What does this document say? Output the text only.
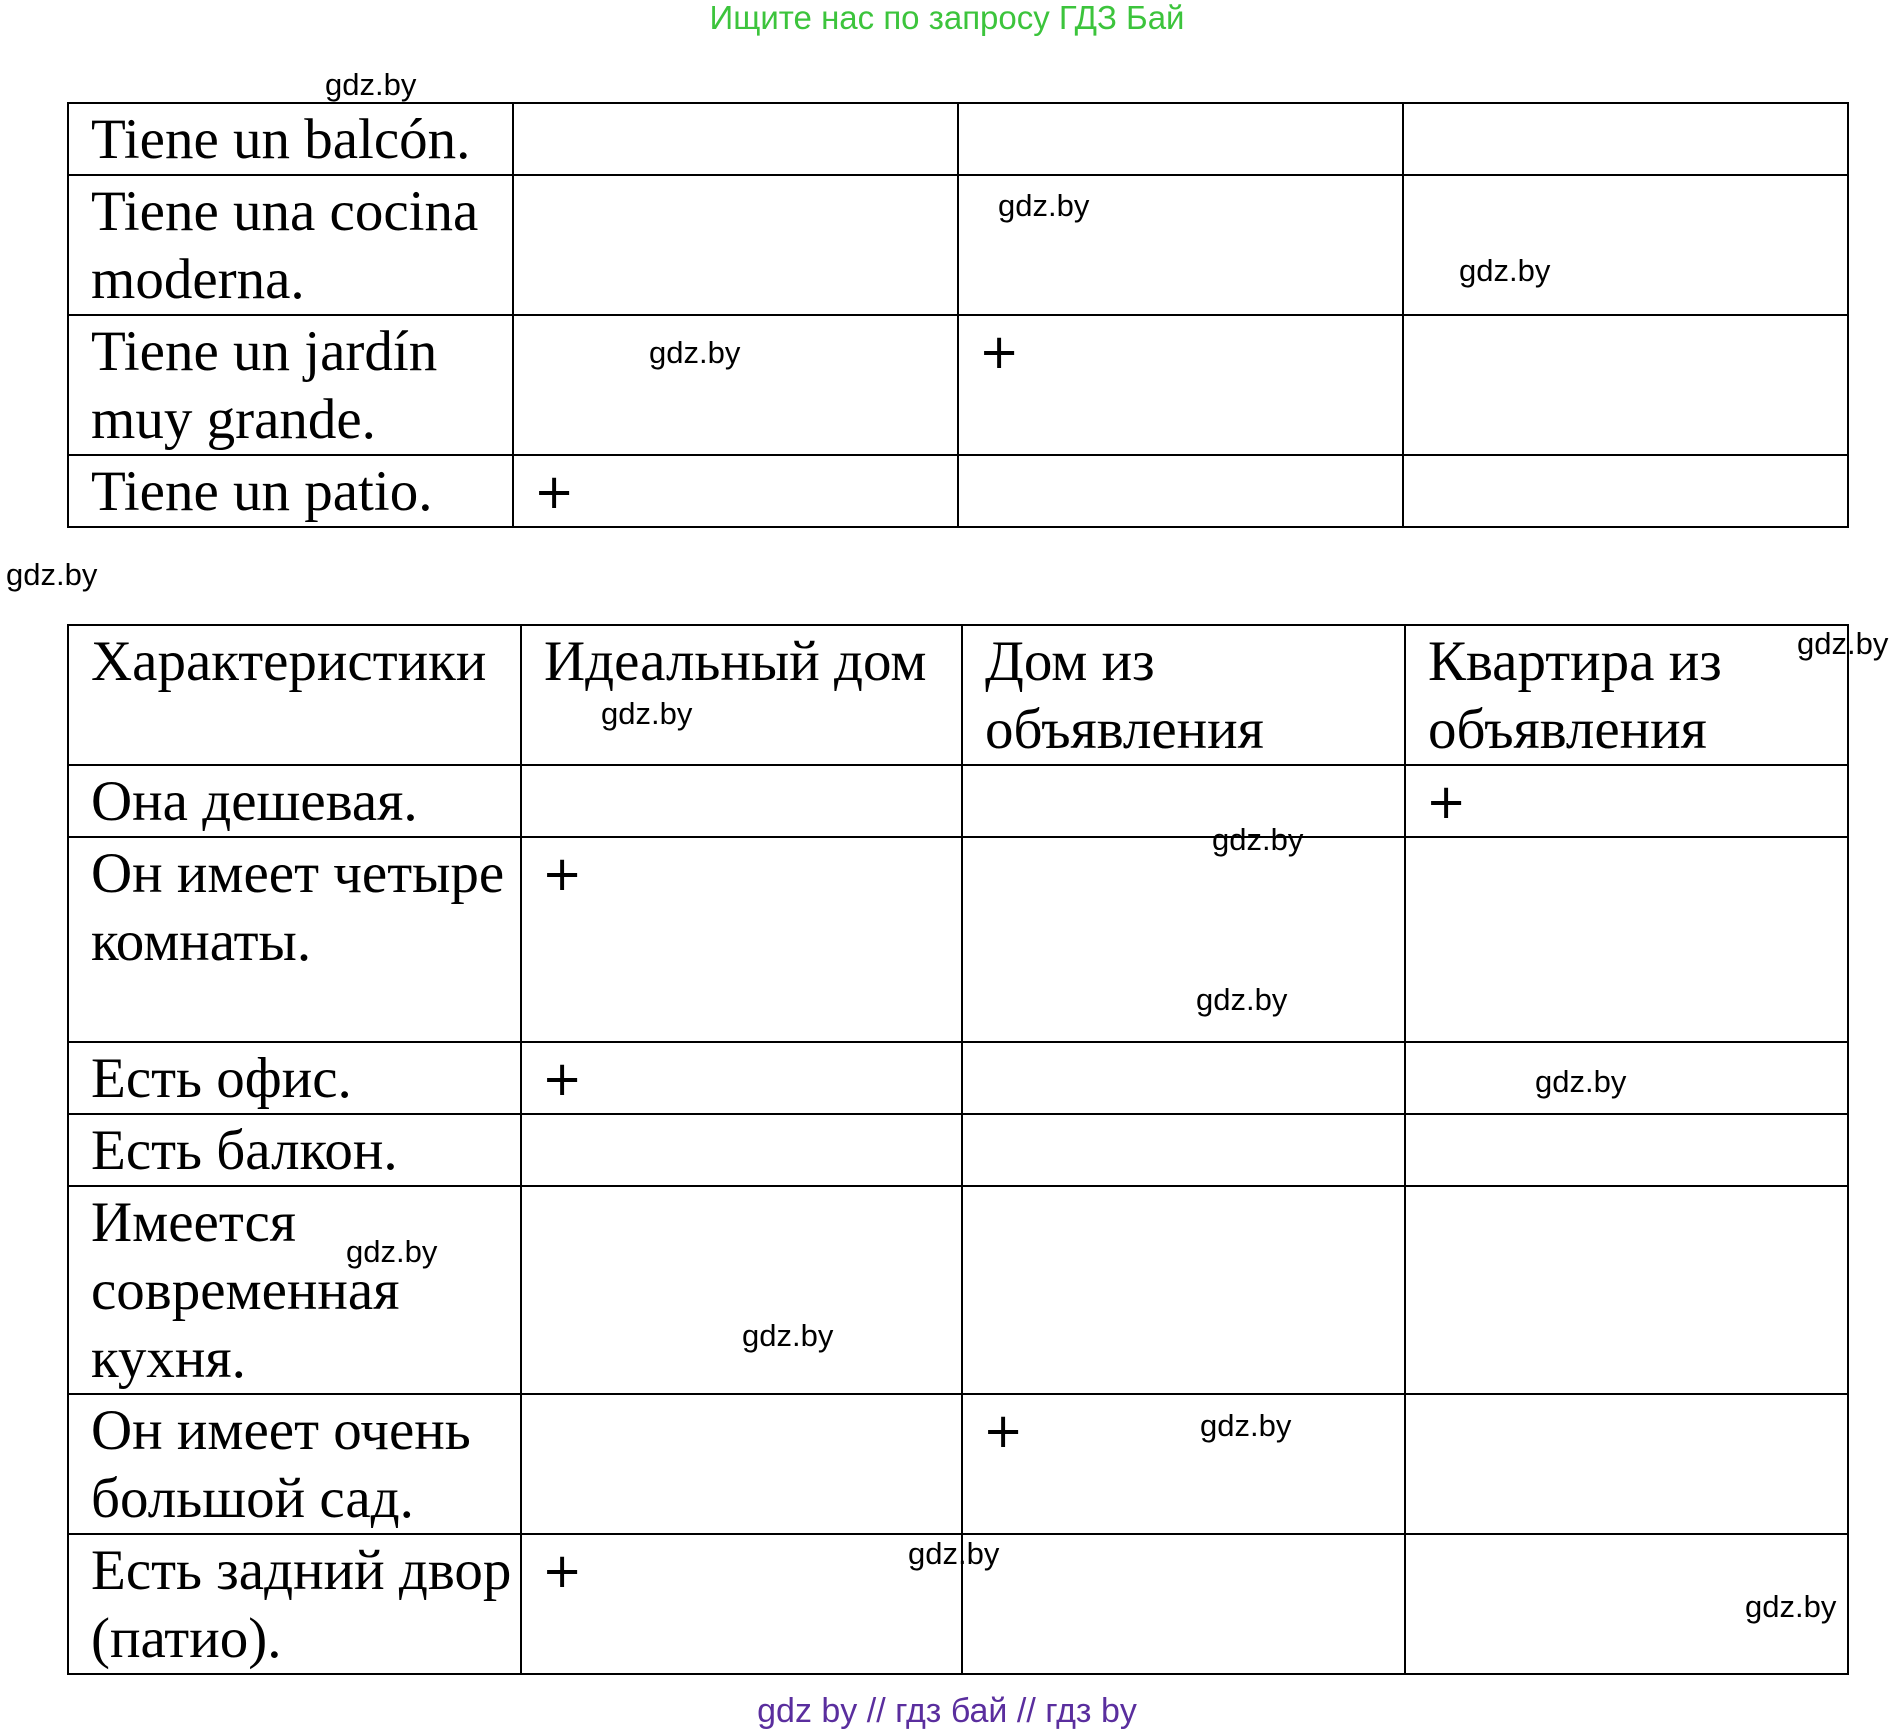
Ищите нас по запросу ГДЗ Бай
Tiene un balcón.			
Tiene una cocina moderna.			
Tiene un jardín muy grande.		+	
Tiene un patio.	+		
Характеристики	Идеальный дом	Дом из объявления	Квартира из объявления
Она дешевая.			+
Он имеет четыре комнаты.	+		
Есть офис.	+		
Есть балкон.			
Имеется современная кухня.			
Он имеет очень большой сад.		+	
Есть задний двор (патио).	+		
gdz.by
gdz.by
gdz.by
gdz.by
gdz.by
gdz.by
gdz.by
gdz.by
gdz.by
gdz.by
gdz.by
gdz.by
gdz.by
gdz.by
gdz.by
gdz by // гдз бай // гдз by
